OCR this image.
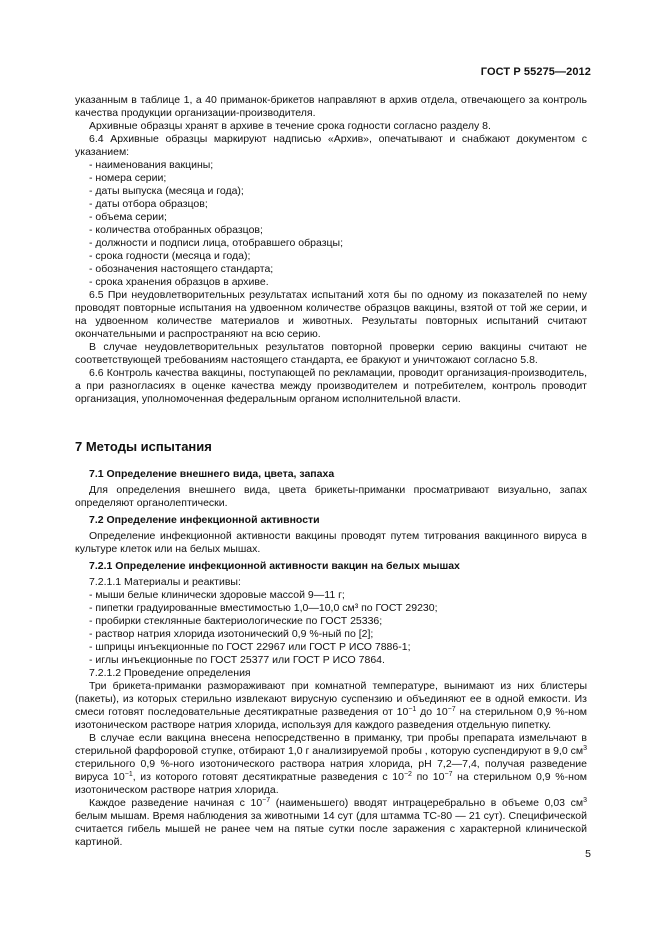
ГОСТ Р 55275—2012

указанным в таблице 1, а 40 приманок-брикетов направляют в архив отдела, отвечающего за контроль качества продукции организации-производителя.

Архивные образцы хранят в архиве в течение срока годности согласно разделу 8.

6.4 Архивные образцы маркируют надписью «Архив», опечатывают и снабжают документом с указанием:

- наименования вакцины;

- номера серии;

- даты выпуска (месяца и года);

- даты отбора образцов;

- объема серии;

- количества отобранных образцов;

- должности и подписи лица, отобравшего образцы;

- срока годности (месяца и года);

- обозначения настоящего стандарта;

- срока хранения образцов в архиве.

6.5 При неудовлетворительных результатах испытаний хотя бы по одному из показателей по нему проводят повторные испытания на удвоенном количестве образцов вакцины, взятой от той же серии, и на удвоенном количестве материалов и животных. Результаты повторных испытаний считают окончательными и распространяют на всю серию.

В случае неудовлетворительных результатов повторной проверки серию вакцины считают не соответствующей требованиям настоящего стандарта, ее бракуют и уничтожают согласно 5.8.

6.6 Контроль качества вакцины, поступающей по рекламации, проводит организация-производитель, а при разногласиях в оценке качества между производителем и потребителем, контроль проводит организация, уполномоченная федеральным органом исполнительной власти.

7 Методы испытания

7.1 Определение внешнего вида, цвета, запаха

Для определения внешнего вида, цвета брикеты-приманки просматривают визуально, запах определяют органолептически.

7.2 Определение инфекционной активности

Определение инфекционной активности вакцины проводят путем титрования вакцинного вируса в культуре клеток или на белых мышах.

7.2.1 Определение инфекционной активности вакцин на белых мышах

7.2.1.1 Материалы и реактивы:

- мыши белые клинически здоровые массой 9—11 г;

- пипетки градуированные вместимостью 1,0—10,0 см³ по ГОСТ 29230;

- пробирки стеклянные бактериологические по ГОСТ 25336;

- раствор натрия хлорида изотонический 0,9 %-ный по [2];

- шприцы инъекционные по ГОСТ 22967 или ГОСТ Р ИСО 7886-1;

- иглы инъекционные по ГОСТ 25377 или ГОСТ Р ИСО 7864.

7.2.1.2 Проведение определения

Три брикета-приманки размораживают при комнатной температуре, вынимают из них блистеры (пакеты), из которых стерильно извлекают вирусную суспензию и объединяют ее в одной емкости. Из смеси готовят последовательные десятикратные разведения от $10^{-1}$ до $10^{-7}$ на стерильном 0,9 %-ном изотоническом растворе натрия хлорида, используя для каждого разведения отдельную пипетку.

В случае если вакцина внесена непосредственно в приманку, три пробы препарата измельчают в стерильной фарфоровой ступке, отбирают 1,0 г анализируемой пробы , которую суспендируют в 9,0 $см^3$ стерильного 0,9 %-ного изотонического раствора натрия хлорида, рН 7,2—7,4, получая разведение вируса $10^{-1}$, из которого готовят десятикратные разведения с $10^{-2}$ по $10^{-7}$ на стерильном 0,9 %-ном изотоническом растворе натрия хлорида.

Каждое разведение начиная с $10^{-7}$ (наименьшего) вводят интрацеребрально в объеме 0,03 $см^3$ белым мышам. Время наблюдения за животными 14 сут (для штамма ТС-80 — 21 сут). Специфической считается гибель мышей не ранее чем на пятые сутки после заражения с характерной клинической картиной.

5
